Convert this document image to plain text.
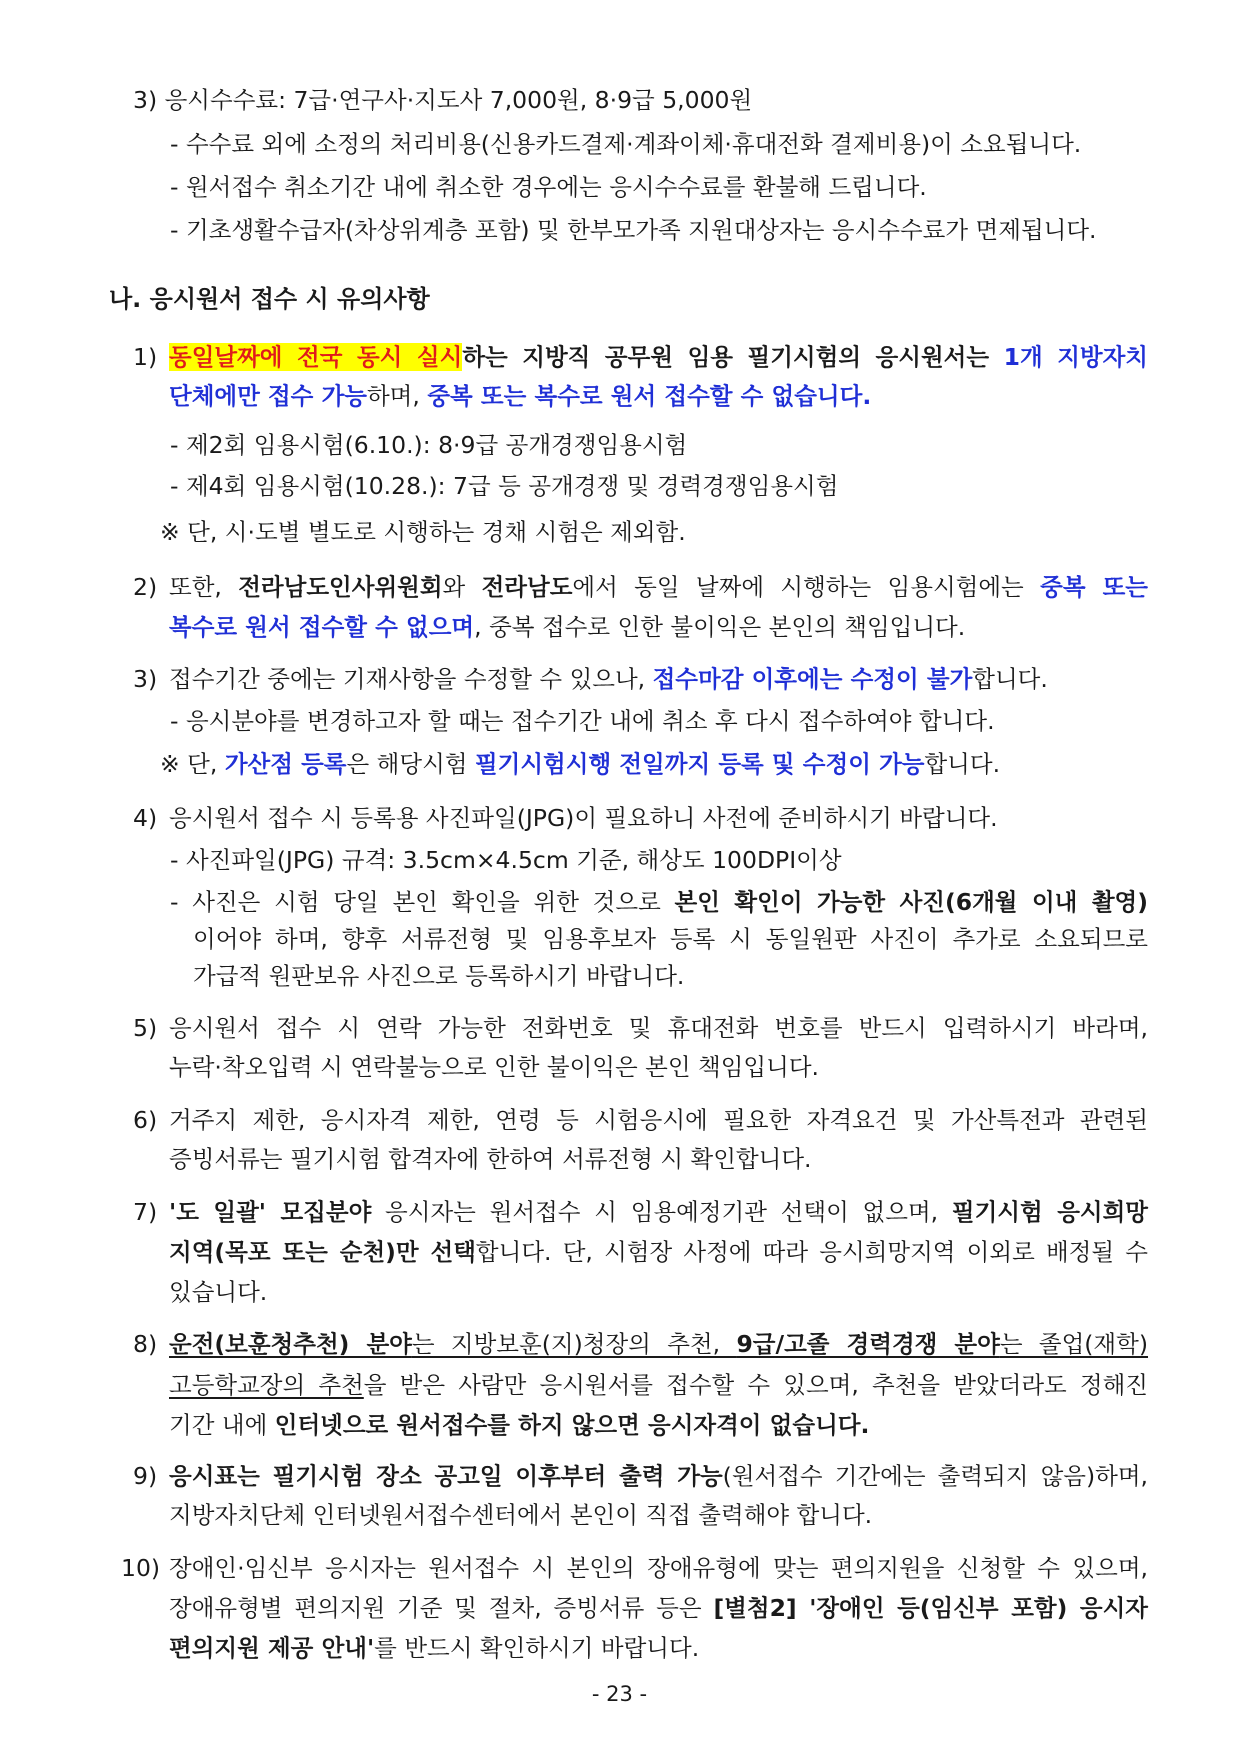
3) 응시수수료: 7급·연구사·지도사 7,000원, 8·9급 5,000원
- 수수료 외에 소정의 처리비용(신용카드결제·계좌이체·휴대전화 결제비용)이 소요됩니다.
- 원서접수 취소기간 내에 취소한 경우에는 응시수수료를 환불해 드립니다.
- 기초생활수급자(차상위계층 포함) 및 한부모가족 지원대상자는 응시수수료가 면제됩니다.
나. 응시원서 접수 시 유의사항
1) 동일날짜에 전국 동시 실시하는 지방직 공무원 임용 필기시험의 응시원서는 1개 지방자치
단체에만 접수 가능하며, 중복 또는 복수로 원서 접수할 수 없습니다.
- 제2회 임용시험(6.10.): 8·9급 공개경쟁임용시험
- 제4회 임용시험(10.28.): 7급 등 공개경쟁 및 경력경쟁임용시험
※ 단, 시·도별 별도로 시행하는 경채 시험은 제외함.
2) 또한, 전라남도인사위원회와 전라남도에서 동일 날짜에 시행하는 임용시험에는 중복 또는
복수로 원서 접수할 수 없으며, 중복 접수로 인한 불이익은 본인의 책임입니다.
3) 접수기간 중에는 기재사항을 수정할 수 있으나, 접수마감 이후에는 수정이 불가합니다.
- 응시분야를 변경하고자 할 때는 접수기간 내에 취소 후 다시 접수하여야 합니다.
※ 단, 가산점 등록은 해당시험 필기시험시행 전일까지 등록 및 수정이 가능합니다.
4) 응시원서 접수 시 등록용 사진파일(JPG)이 필요하니 사전에 준비하시기 바랍니다.
- 사진파일(JPG) 규격: 3.5cm×4.5cm 기준, 해상도 100DPI이상
- 사진은 시험 당일 본인 확인을 위한 것으로 본인 확인이 가능한 사진(6개월 이내 촬영)
이어야 하며, 향후 서류전형 및 임용후보자 등록 시 동일원판 사진이 추가로 소요되므로
가급적 원판보유 사진으로 등록하시기 바랍니다.
5) 응시원서 접수 시 연락 가능한 전화번호 및 휴대전화 번호를 반드시 입력하시기 바라며,
누락·착오입력 시 연락불능으로 인한 불이익은 본인 책임입니다.
6) 거주지 제한, 응시자격 제한, 연령 등 시험응시에 필요한 자격요건 및 가산특전과 관련된
증빙서류는 필기시험 합격자에 한하여 서류전형 시 확인합니다.
7) '도 일괄' 모집분야 응시자는 원서접수 시 임용예정기관 선택이 없으며, 필기시험 응시희망
지역(목포 또는 순천)만 선택합니다. 단, 시험장 사정에 따라 응시희망지역 이외로 배정될 수
있습니다.
8) 운전(보훈청추천) 분야는 지방보훈(지)청장의 추천, 9급/고졸 경력경쟁 분야는 졸업(재학)
고등학교장의 추천을 받은 사람만 응시원서를 접수할 수 있으며, 추천을 받았더라도 정해진
기간 내에 인터넷으로 원서접수를 하지 않으면 응시자격이 없습니다.
9) 응시표는 필기시험 장소 공고일 이후부터 출력 가능(원서접수 기간에는 출력되지 않음)하며,
지방자치단체 인터넷원서접수센터에서 본인이 직접 출력해야 합니다.
10) 장애인·임신부 응시자는 원서접수 시 본인의 장애유형에 맞는 편의지원을 신청할 수 있으며,
장애유형별 편의지원 기준 및 절차, 증빙서류 등은 [별첨2] '장애인 등(임신부 포함) 응시자
편의지원 제공 안내'를 반드시 확인하시기 바랍니다.
- 23 -
